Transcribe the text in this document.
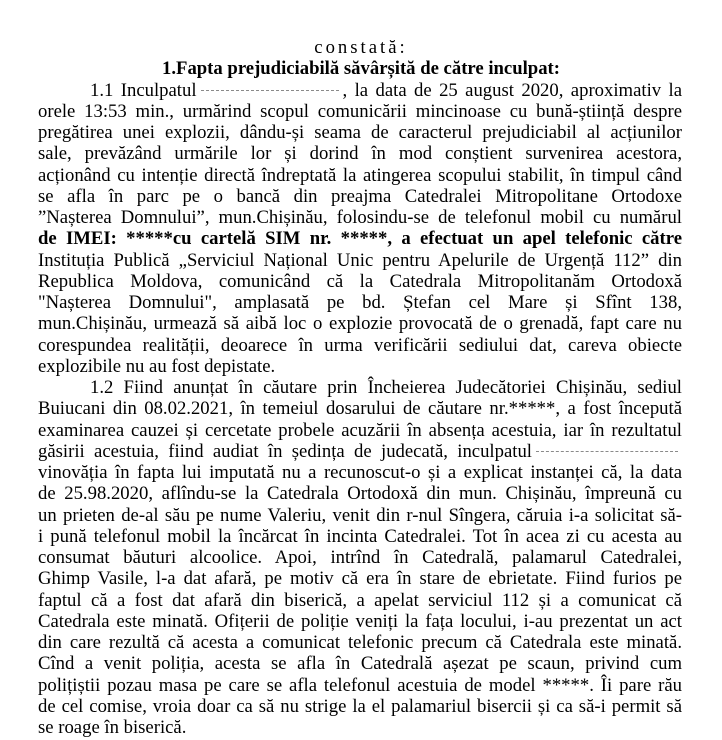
constată:
1.Fapta prejudiciabilă săvârșită de către inculpat:
1.1 Inculpatul	, la data de 25 august 2020, aproximativ la
orele 13:53 min., urmărind scopul comunicării mincinoase cu bună-știință despre
pregătirea unei explozii, dându-și seama de caracterul prejudiciabil al acțiunilor
sale, prevăzând urmările lor și dorind în mod conștient survenirea acestora,
acționând cu intenție directă îndreptată la atingerea scopului stabilit, în timpul când
se afla în parc pe o bancă din preajma Catedralei Mitropolitane Ortodoxe
”Nașterea Domnului”, mun.Chișinău, folosindu-se de telefonul mobil cu numărul
de IMEI: *****cu cartelă SIM nr. *****, a efectuat un apel telefonic către
Instituția Publică „Serviciul Național Unic pentru Apelurile de Urgență 112” din
Republica Moldova, comunicând că la Catedrala Mitropolitanăm Ortodoxă
"Nașterea Domnului", amplasată pe bd. Ștefan cel Mare și Sfînt 138,
mun.Chișinău, urmează să aibă loc o explozie provocată de o grenadă, fapt care nu
corespundea realității, deoarece în urma verificării sediului dat, careva obiecte
explozibile nu au fost depistate.
1.2 Fiind anunțat în căutare prin Încheierea Judecătoriei Chișinău, sediul
Buiucani din 08.02.2021, în temeiul dosarului de căutare nr.*****, a fost începută
examinarea cauzei și cercetate probele acuzării în absența acestuia, iar în rezultatul
găsirii acestuia, fiind audiat în ședința de judecată, inculpatul
vinovăția în fapta lui imputată nu a recunoscut-o și a explicat instanței că, la data
de 25.98.2020, aflîndu-se la Catedrala Ortodoxă din mun. Chișinău, împreună cu
un prieten de-al său pe nume Valeriu, venit din r-nul Sîngera, căruia i-a solicitat să-
i pună telefonul mobil la încărcat în incinta Catedralei. Tot în acea zi cu acesta au
consumat băuturi alcoolice. Apoi, intrînd în Catedrală, palamarul Catedralei,
Ghimp Vasile, l-a dat afară, pe motiv că era în stare de ebrietate. Fiind furios pe
faptul că a fost dat afară din biserică, a apelat serviciul 112 și a comunicat că
Catedrala este minată. Ofițerii de poliție veniți la fața locului, i-au prezentat un act
din care rezultă că acesta a comunicat telefonic precum că Catedrala este minată.
Cînd a venit poliția, acesta se afla în Catedrală așezat pe scaun, privind cum
polițiștii pozau masa pe care se afla telefonul acestuia de model *****. Îi pare rău
de cel comise, vroia doar ca să nu strige la el palamariul bisercii și ca să-i permit să
se roage în biserică.
